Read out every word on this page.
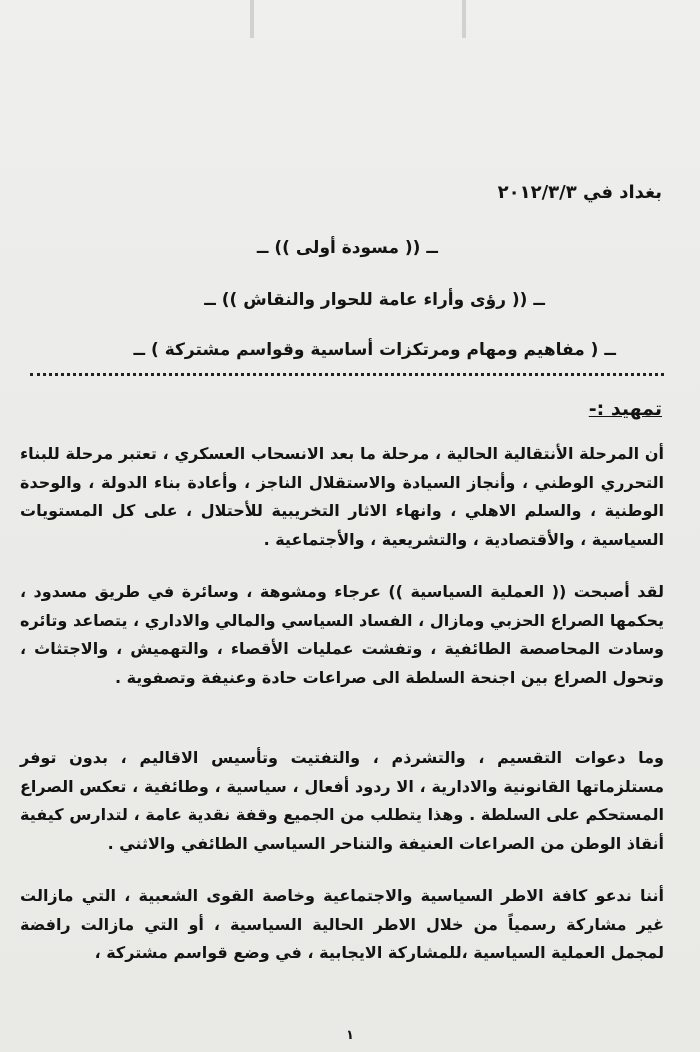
بغداد في ٢٠١٢/٣/٣
ــ (( مسودة أولى )) ــ
ــ (( رؤى وأراء عامة للحوار والنقاش )) ــ
ــ ( مفاهيم ومهام ومرتكزات أساسية وقواسم مشتركة ) ــ
تمهيد :-
أن المرحلة الأنتقالية الحالية ، مرحلة ما بعد الانسحاب العسكري ، تعتبر مرحلة للبناء التحرري الوطني ، وأنجاز السيادة والاستقلال الناجز ، وأعادة بناء الدولة ، والوحدة الوطنية ، والسلم الاهلي ، وانهاء الاثار التخريبية للأحتلال ، على كل المستويات السياسية ، والأقتصادية ، والتشريعية ، والأجتماعية .
لقد أصبحت (( العملية السياسية )) عرجاء ومشوهة ، وسائرة في طريق مسدود ، يحكمها الصراع الحزبي ومازال ، الفساد السياسي والمالي والاداري ، يتصاعد وتائره وسادت المحاصصة الطائفية ، وتفشت عمليات الأقصاء ، والتهميش ، والاجتثاث ، وتحول الصراع بين اجنحة السلطة الى صراعات حادة وعنيفة وتصفوية .
وما دعوات التقسيم ، والتشرذم ، والتفتيت وتأسيس الاقاليم ، بدون توفر مستلزماتها القانونية والادارية ، الا ردود أفعال ، سياسية ، وطائفية ، تعكس الصراع المستحكم على السلطة . وهذا يتطلب من الجميع وقفة نقدية عامة ، لتدارس كيفية أنقاذ الوطن من الصراعات العنيفة والتناحر السياسي الطائفي والاثني .
أننا ندعو كافة الاطر السياسية والاجتماعية وخاصة القوى الشعبية ، التي مازالت غير مشاركة رسمياً من خلال الاطر الحالية السياسية ، أو التي مازالت رافضة لمجمل العملية السياسية ،للمشاركة الايجابية ، في وضع قواسم مشتركة ،
١
